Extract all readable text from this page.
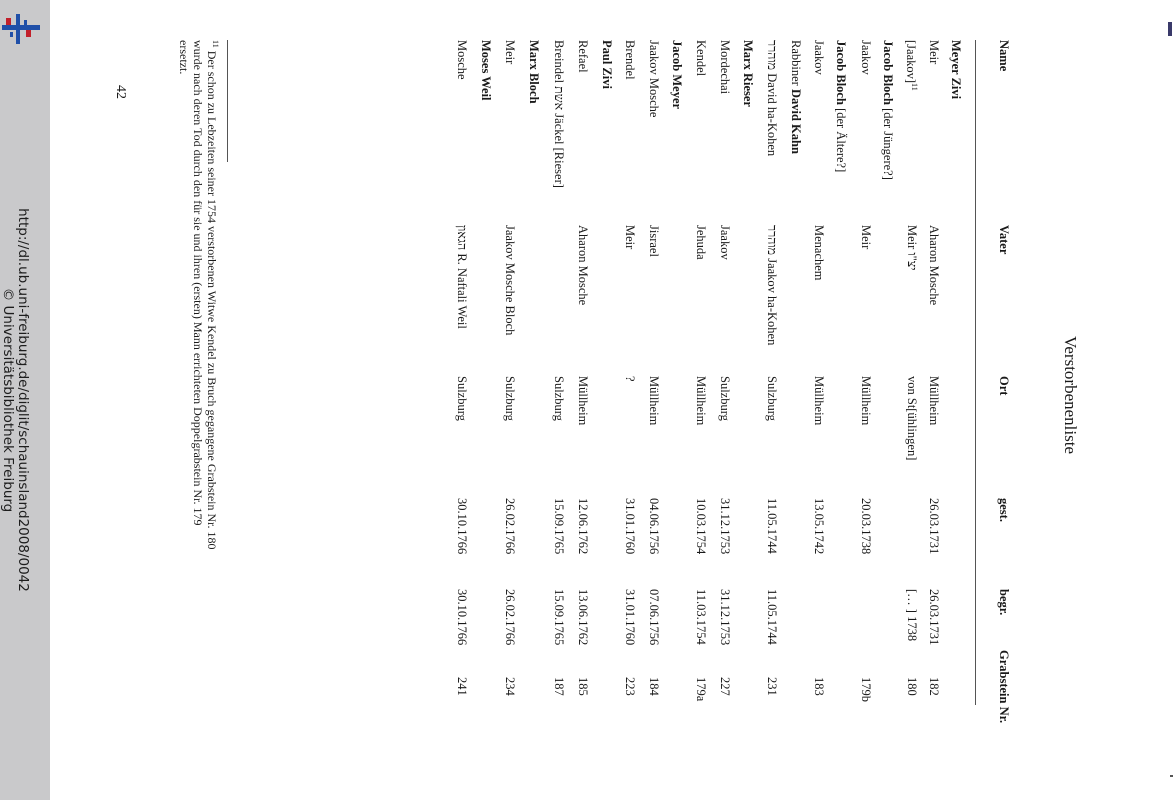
http://dl.ub.uni-freiburg.de/diglit/schauinsland2008/0042
© Universitätsbibliothek Freiburg	Verstorbenenliste
Name
Vater
Ort
gest.
begr.
Grabstein Nr.
Meyer Zivi
Meir
Aharon Mosche
Müllheim
26.03.1731
26.03.1731
182
[Jaakov]$^{11}$
Meir יצ"ו
von St[ühlingen]
[… ] 1738
180
Jacob Bloch [der Jüngere?]
Jaakov
Meir
Müllheim
20.03.1738
179b
Jacob Bloch [der Ältere?]
Jaakov
Menachem
Müllheim
13.05.1742
183
Rabbiner David Kahn
מוהרר David ha-Kohen
מוהרר Jaakov ha-Kohen
Sulzburg
11.05.1744
11.05.1744
231
Marx Rieser
Mordechai
Jaakov
Sulzburg
31.12.1753
31.12.1753
227
Kendel
Jehuda
Müllheim
10.03.1754
11.03.1754
179a
Jacob Meyer
Jaakov Mosche
Jisrael
Müllheim
04.06.1756
07.06.1756
184
Brendel
Meir
?
31.01.1760
31.01.1760
223
Paul Zivi
Refael
Aharon Mosche
Müllheim
12.06.1762
13.06.1762
185
Breindel אשת Jäckel [Rieser]
Sulzburg
15.09.1765
15.09.1765
187
Marx Bloch
Meir
Jaakov Mosche Bloch
Sulzburg
26.02.1766
26.02.1766
234
Moses Weil
Mosche
הגאון R. Naftali Weil
Sulzburg
30.10.1766
30.10.1766
241
$^{11}$ Der schon zu Lebzeiten seiner 1754 verstorbenen Witwe Kendel zu Bruch gegangene Grabstein Nr. 180 wurde nach deren Tod durch den für sie und ihren (ersten) Mann errichteten Doppelgrabstein Nr. 179 ersetzt.
42
